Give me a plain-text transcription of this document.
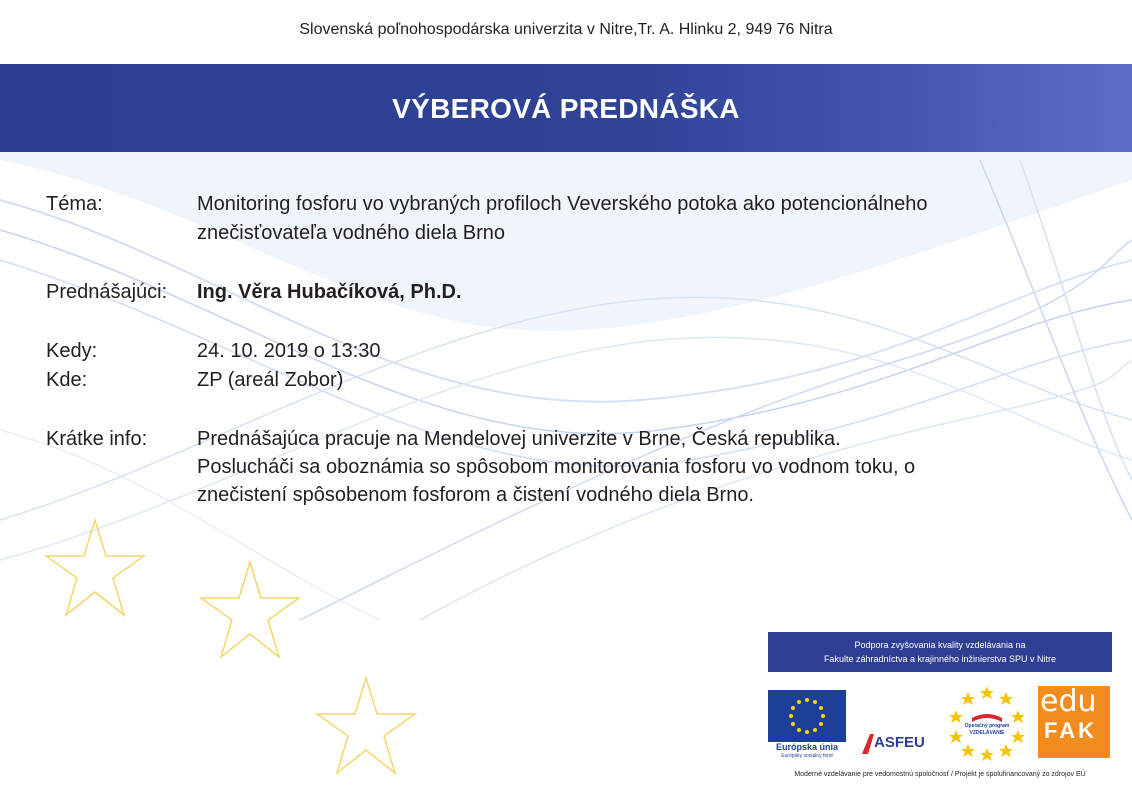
Slovenská poľnohospodárska univerzita v Nitre,Tr. A. Hlinku 2, 949 76 Nitra
VÝBEROVÁ PREDNÁŠKA
Téma:	Monitoring fosforu vo vybraných profiloch Veverského potoka ako potencionálneho
znečisťovateľa vodného diela Brno
Prednášajúci:	Ing. Věra Hubačíková, Ph.D.
Kedy:	24. 10. 2019 o 13:30
Kde:	ZP (areál Zobor)
Krátke info:	Prednášajúca pracuje na Mendelovej univerzite v Brne, Česká republika.
Poslucháči sa oboznámia so spôsobom monitorovania fosforu vo vodnom toku, o
znečistení spôsobenom fosforom a čistení vodného diela Brno.
Podpora zvyšovania kvality vzdelávania na
Fakulte záhradníctva a krajinného inžinierstva SPU v Nitre
Európska únia
Európsky sociálny fond
ASFEU
Operačný program
VZDELÁVANIE
edu
FAK
Moderné vzdelávanie pre vedomostnú spoločnosť / Projekt je spolufinancovaný zo zdrojov EÚ
